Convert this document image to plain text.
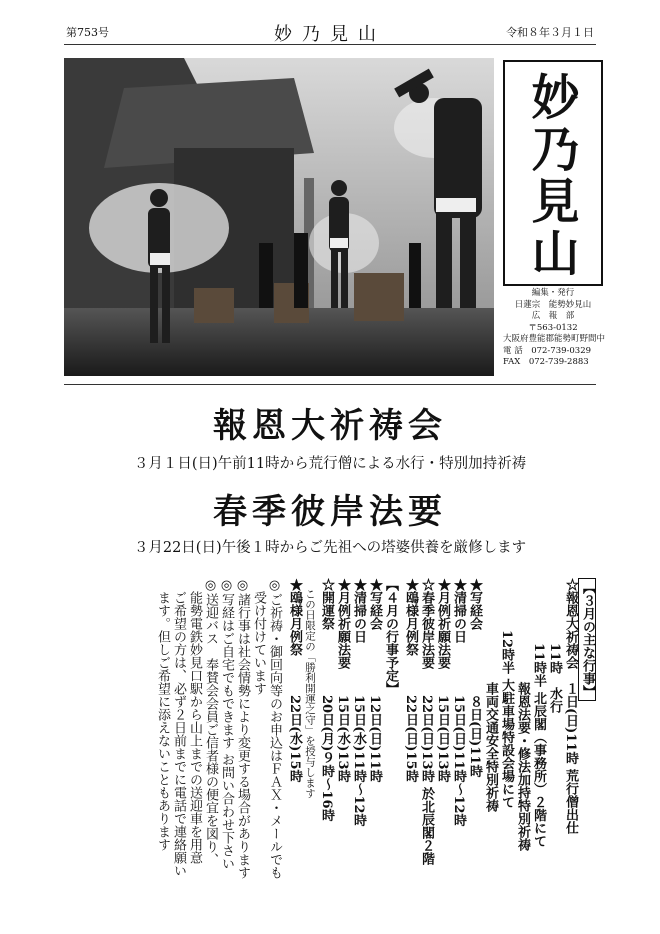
第753号	妙乃見山	令和８年３月１日
妙乃見山
編集・発行
日蓮宗　能勢妙見山
広　報　部
〒563-0132
大阪府豊能郡能勢町野間中
電 話　072-739-0329
FAX　072-739-2883
報恩大祈祷会
３月１日(日)午前11時から荒行僧による水行・特別加持祈祷
春季彼岸法要
３月22日(日)午後１時からご先祖への塔婆供養を厳修します
【３月の主な行事】
☆報恩大祈祷会　１日(日)11時 荒行僧出仕
　　　　　11時　水行
　　　　　11時半 北辰閣（事務所）２階にて
　　　　　　　　報恩法要・修法加持特別祈祷
　　　　12時半 大駐車場特設会場にて
　　　　　　　　車両交通安全特別祈祷
★写経会　　　　　８日(日)11時
★清掃の日　　　　15日(日)11時～12時
★月例祈願法要　　15日(日)13時
☆春季彼岸法要　　22日(日)13時 於北辰閣２階
★鴎様月例祭　　　22日(日)15時
【４月の行事予定】
★写経会　　　　　12日(日)11時
★清掃の日　　　　15日(水)11時～12時
★月例祈願法要　　15日(水)13時
☆開運祭　　　　　20日(月)９時～16時
　この日限定の「勝利開運之守」を授与します
★鴎様月例祭　　　22日(水)15時
◎ご祈祷・御回向等のお申込はＦＡＸ・メールでも
　受け付けています
◎諸行事は社会情勢により変更する場合があります
◎写経はご自宅でもできます お問い合わせ下さい
◎送迎バス　奉賛会会員ご信者様の便宜を図り、
　能勢電鉄妙見口駅から山上までの送迎車を用意
　ご希望の方は、必ず２日前までに電話で連絡願い
　ます。但しご希望に添えないこともあります
